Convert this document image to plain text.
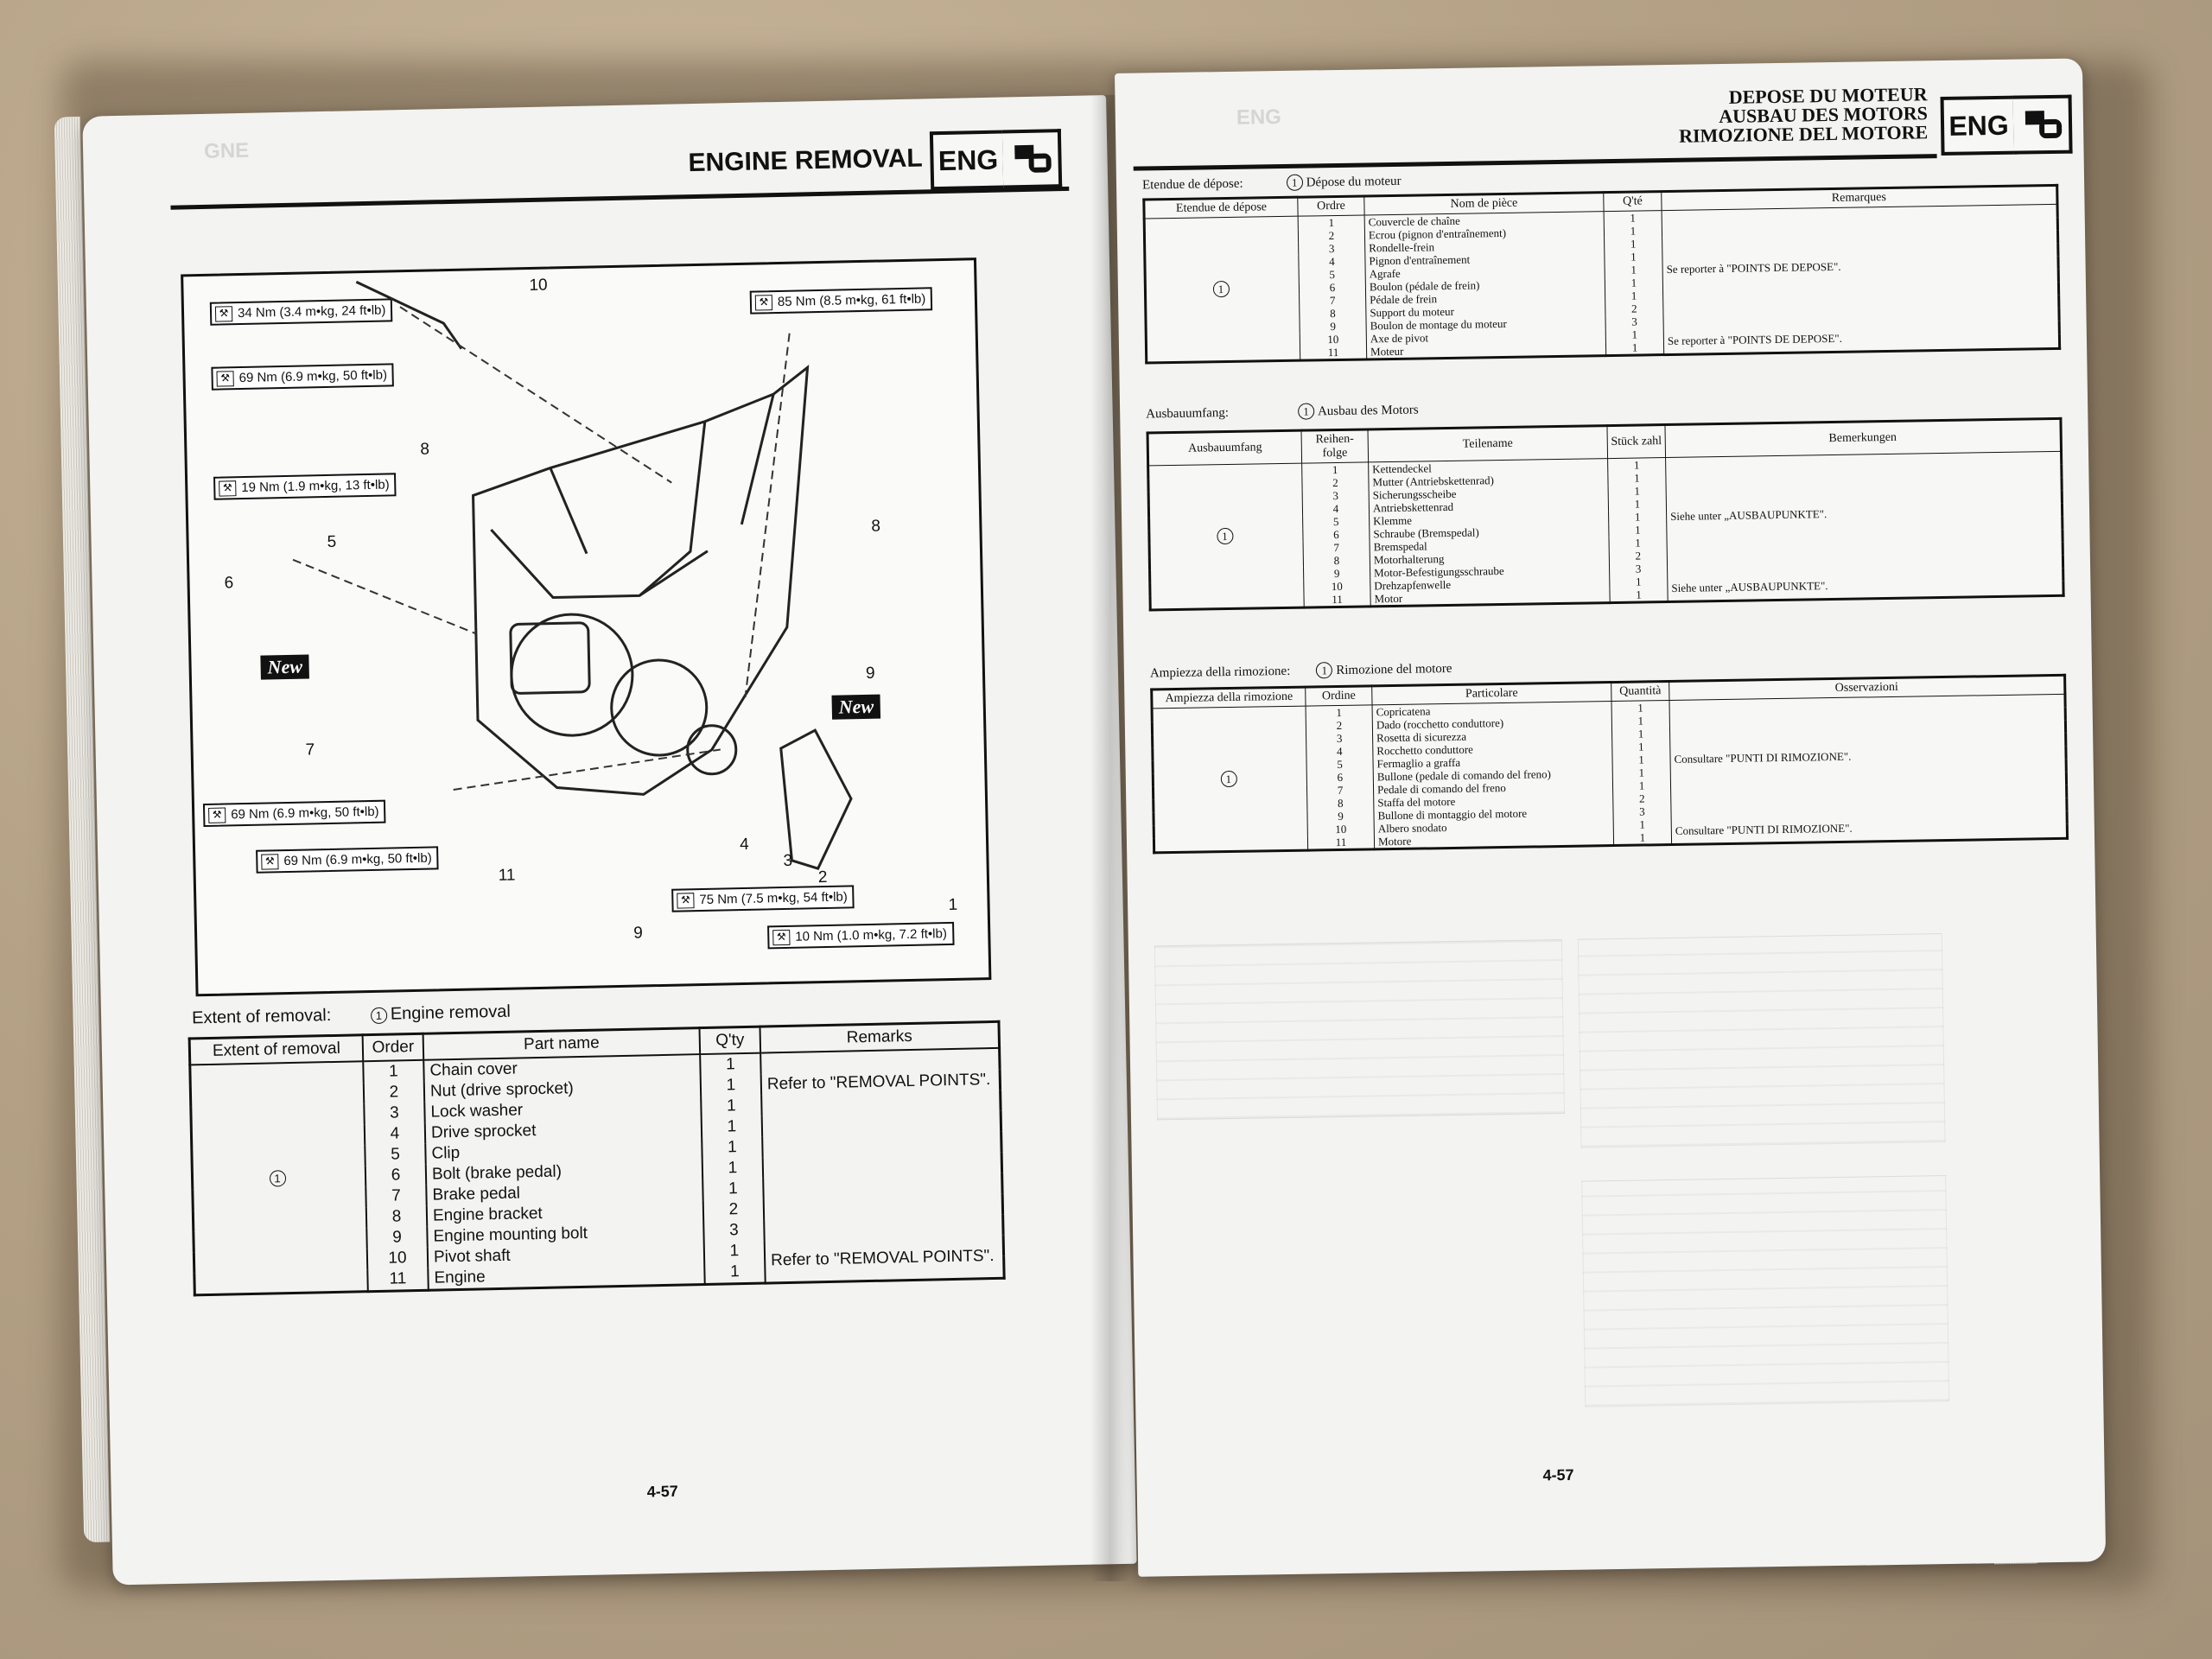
GNE	ENGINE REMOVAL ENG
⚒ 34 Nm (3.4 m•kg, 24 ft•lb)
⚒ 69 Nm (6.9 m•kg, 50 ft•lb)
⚒ 19 Nm (1.9 m•kg, 13 ft•lb)
⚒ 85 Nm (8.5 m•kg, 61 ft•lb)
⚒ 69 Nm (6.9 m•kg, 50 ft•lb)
⚒ 69 Nm (6.9 m•kg, 50 ft•lb)
⚒ 75 Nm (7.5 m•kg, 54 ft•lb)
⚒ 10 Nm (1.0 m•kg, 7.2 ft•lb)
New
New
10
8
5
6
7
8
9
11
4
3
2
1
9
Extent of removal:	1 Engine removal
Extent of removal	Order	Part name	Q'ty	Remarks
1	1	Chain cover	1	Refer to "REMOVAL POINTS".
	2	Nut (drive sprocket)	1	
	3	Lock washer	1	
	4	Drive sprocket	1	
	5	Clip	1	
	6	Bolt (brake pedal)	1	
	7	Brake pedal	1	
	8	Engine bracket	2	
	9	Engine mounting bolt	3	
	10	Pivot shaft	1	Refer to "REMOVAL POINTS".
	11	Engine	1	
4-57
ENG
DEPOSE DU MOTEUR
AUSBAU DES MOTORS
RIMOZIONE DEL MOTORE ENG
Etendue de dépose:	1 Dépose du moteur
Etendue de dépose	Ordre	Nom de pièce	Q'té	Remarques
1	1	Couvercle de chaîne	1	Se reporter à "POINTS DE DEPOSE".
	2	Ecrou (pignon d'entraînement)	1	
	3	Rondelle-frein	1	
	4	Pignon d'entraînement	1	
	5	Agrafe	1	
	6	Boulon (pédale de frein)	1	
	7	Pédale de frein	1	
	8	Support du moteur	2	
	9	Boulon de montage du moteur	3	
	10	Axe de pivot	1	Se reporter à "POINTS DE DEPOSE".
	11	Moteur	1	
Ausbauumfang:	1 Ausbau des Motors
Ausbauumfang	Reihen-folge	Teilename	Stück zahl	Bemerkungen
1	1	Kettendeckel	1	Siehe unter „AUSBAUPUNKTE".
	2	Mutter (Antriebskettenrad)	1	
	3	Sicherungsscheibe	1	
	4	Antriebskettenrad	1	
	5	Klemme	1	
	6	Schraube (Bremspedal)	1	
	7	Bremspedal	1	
	8	Motorhalterung	2	
	9	Motor-Befestigungsschraube	3	
	10	Drehzapfenwelle	1	Siehe unter „AUSBAUPUNKTE".
	11	Motor	1	
Ampiezza della rimozione:	1 Rimozione del motore
Ampiezza della rimozione	Ordine	Particolare	Quantità	Osservazioni
1	1	Copricatena	1	Consultare "PUNTI DI RIMOZIONE".
	2	Dado (rocchetto conduttore)	1	
	3	Rosetta di sicurezza	1	
	4	Rocchetto conduttore	1	
	5	Fermaglio a graffa	1	
	6	Bullone (pedale di comando del freno)	1	
	7	Pedale di comando del freno	1	
	8	Staffa del motore	2	
	9	Bullone di montaggio del motore	3	
	10	Albero snodato	1	Consultare "PUNTI DI RIMOZIONE".
	11	Motore	1	
4-57
